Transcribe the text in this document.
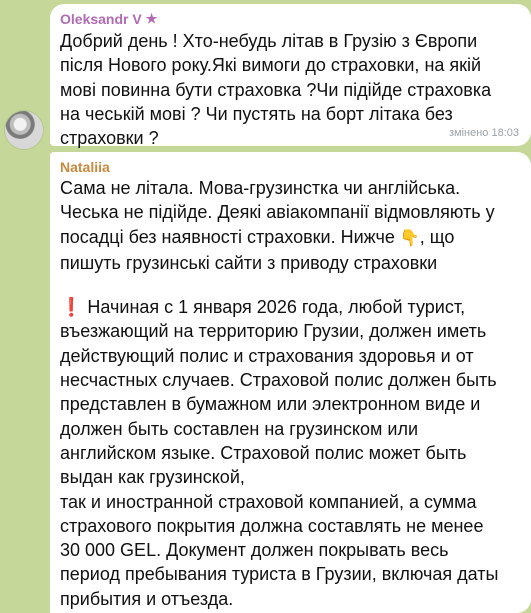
Oleksandr V ★
Добрий день ! Хто-небудь літав в Грузію з Європи
після Нового року.Які вимоги до страховки, на якій
мові повинна бути страховка ?Чи підійде страховка
на чеській мові ? Чи пустять на борт літака без
страховки ?	змінено 18:03
Nataliia
Сама не літала. Мова-грузинстка чи англійська.
Чеська не підійде. Деякі авіакомпанії відмовляють у
посадці без наявності страховки. Нижче 👇, що
пишуть грузинські сайти з приводу страховки
❗ Начиная с 1 января 2026 года, любой турист,
въезжающий на территорию Грузии, должен иметь
действующий полис и страхования здоровья и от
несчастных случаев. Страховой полис должен быть
представлен в бумажном или электронном виде и
должен быть составлен на грузинском или
английском языке. Страховой полис может быть
выдан как грузинской,
так и иностранной страховой компанией, а сумма
страхового покрытия должна составлять не менее
30 000 GEL. Документ должен покрывать весь
период пребывания туриста в Грузии, включая даты
прибытия и отъезда.
